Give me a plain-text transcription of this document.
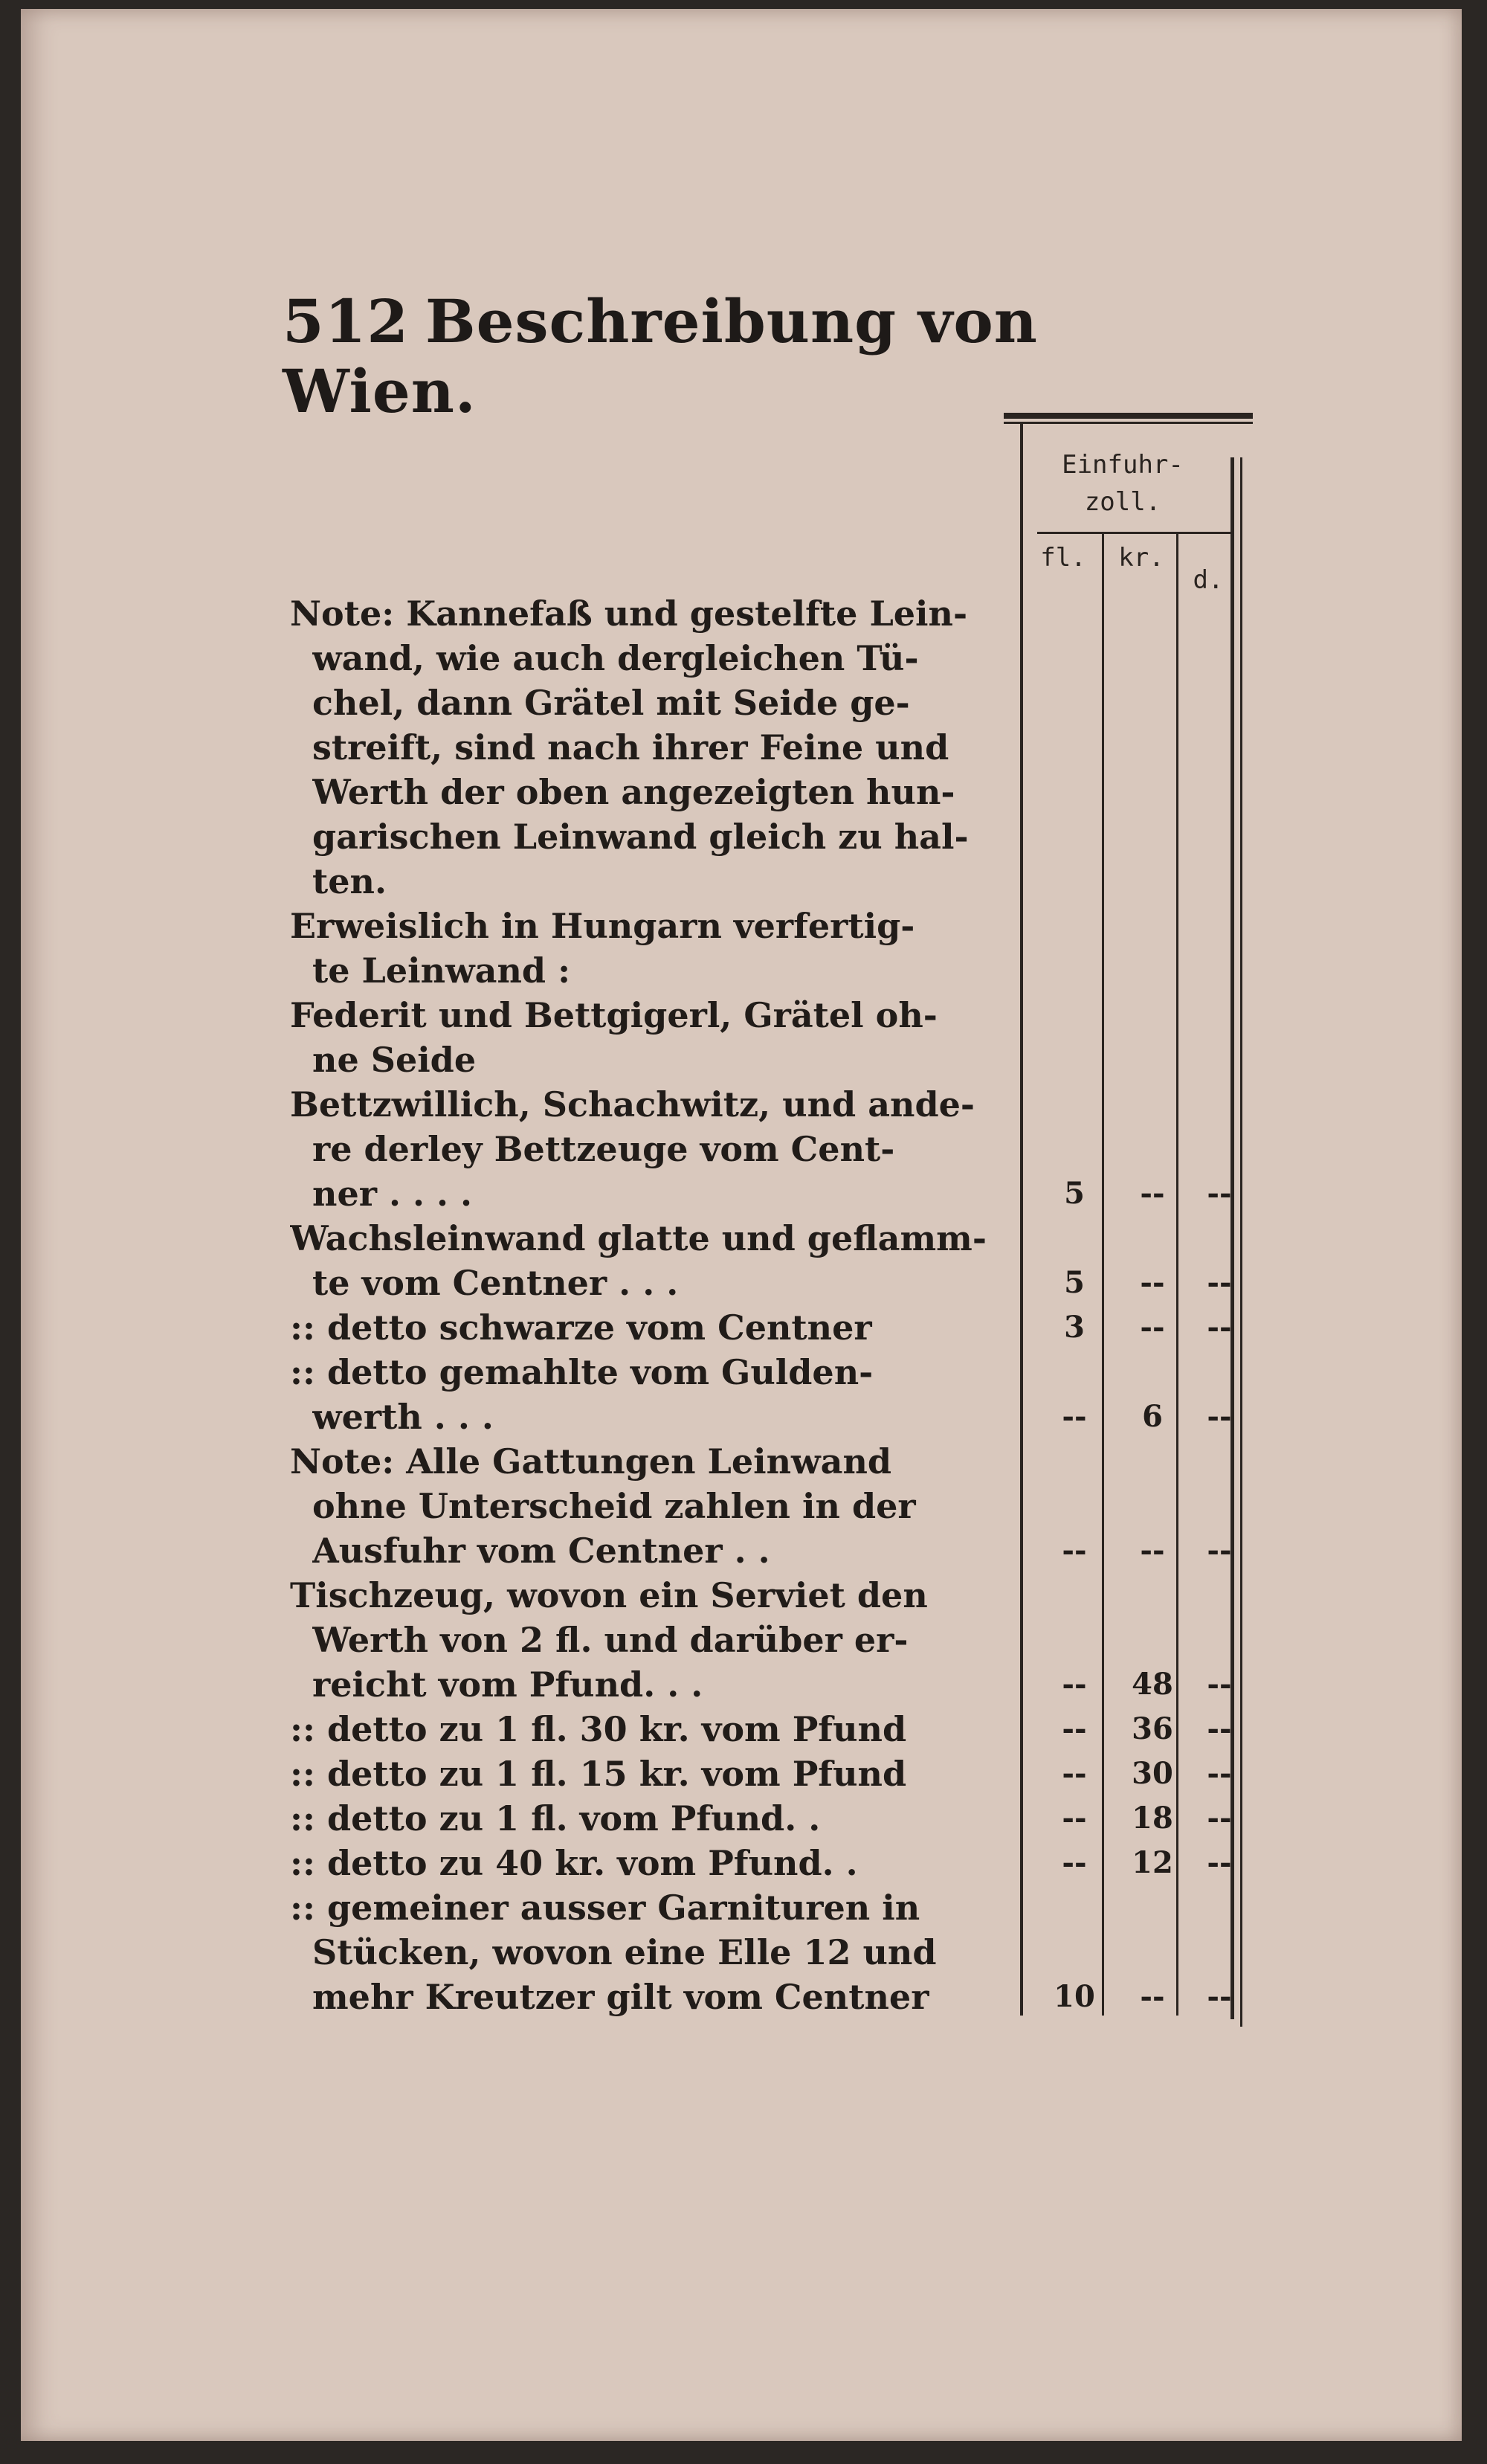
512 Beschreibung von Wien.
Einfuhr-zoll.
fl.	kr.
d.
Note: Kannefaß und gestelfte Lein-
wand, wie auch dergleichen Tü-
chel, dann Grätel mit Seide ge-
streift, sind nach ihrer Feine und
Werth der oben angezeigten hun-
garischen Leinwand gleich zu hal-
ten.
Erweislich in Hungarn verfertig-
te Leinwand :
Federit und Bettgigerl, Grätel oh-
ne Seide
Bettzwillich, Schachwitz, und ande-
re derley Bettzeuge vom Cent-
ner . . . .	5	--	--
Wachsleinwand glatte und geflamm-
te vom Centner . . .	5	--	--
:: detto schwarze vom Centner	3	--	--
:: detto gemahlte vom Gulden-
werth . . .	--	6	--
Note: Alle Gattungen Leinwand
ohne Unterscheid zahlen in der
Ausfuhr vom Centner . .	--	--	--
Tischzeug, wovon ein Serviet den
Werth von 2 fl. und darüber er-
reicht vom Pfund. . .	--	48	--
:: detto zu 1 fl. 30 kr. vom Pfund	--	36	--
:: detto zu 1 fl. 15 kr. vom Pfund	--	30	--
:: detto zu 1 fl. vom Pfund. .	--	18	--
:: detto zu 40 kr. vom Pfund. .	--	12	--
:: gemeiner ausser Garnituren in
Stücken, wovon eine Elle 12 und
mehr Kreutzer gilt vom Centner	10	--	--
